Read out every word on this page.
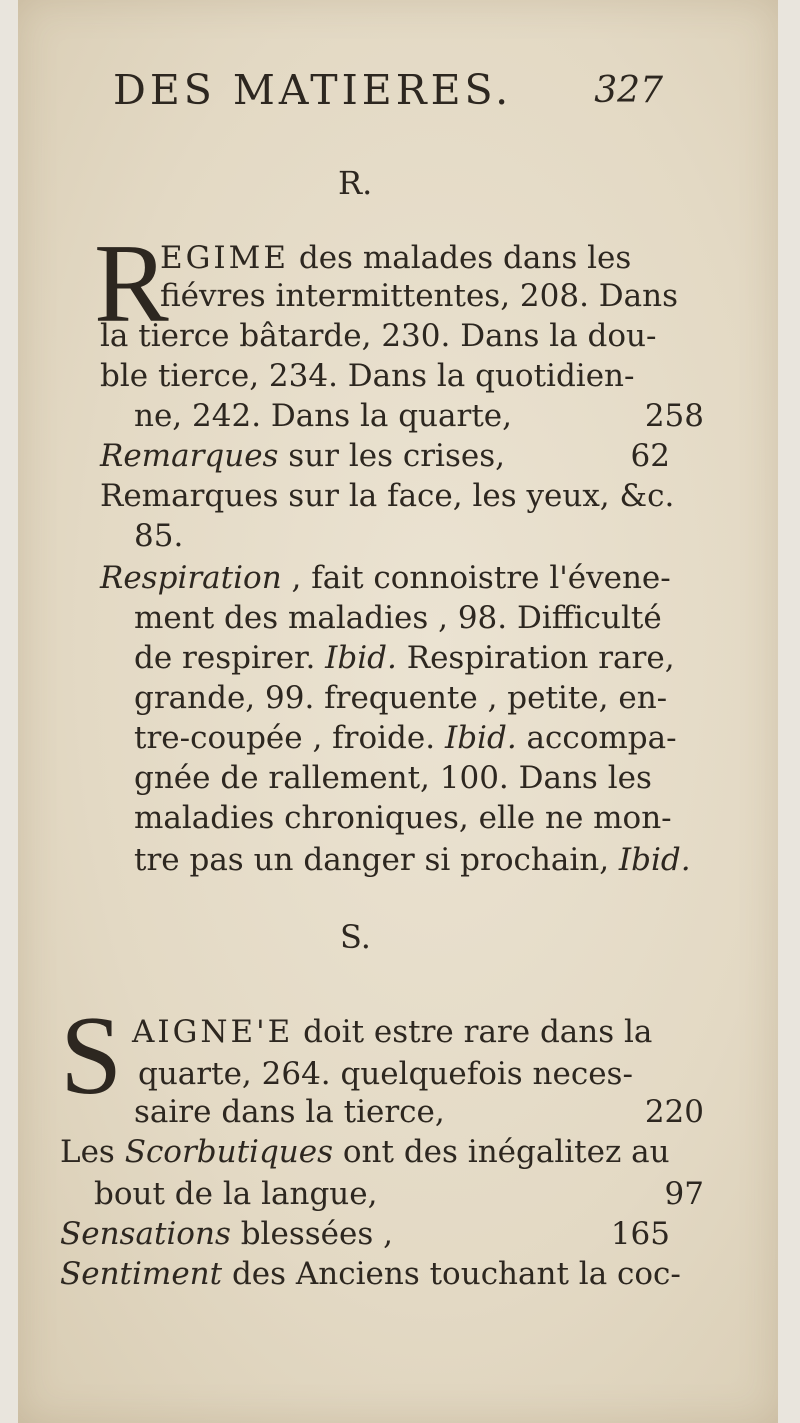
DES MATIERES. 327
R.
R
EGIME des malades dans les
fiévres intermittentes, 208. Dans
la tierce bâtarde, 230. Dans la dou-
ble tierce, 234. Dans la quotidien-
ne, 242. Dans la quarte,	258
Remarques sur les crises,	62
Remarques sur la face, les yeux, &c.
85.
Respiration , fait connoistre l'évene-
ment des maladies , 98. Difficulté
de respirer. Ibid. Respiration rare,
grande, 99. frequente , petite, en-
tre-coupée , froide. Ibid. accompa-
gnée de rallement, 100. Dans les
maladies chroniques, elle ne mon-
tre pas un danger si prochain, Ibid.
S.
S AIGNE'E doit estre rare dans la
quarte, 264. quelquefois neces-
saire dans la tierce,	220
Les Scorbutiques ont des inégalitez au
bout de la langue,	97
Sensations blessées ,	165
Sentiment des Anciens touchant la coc-
